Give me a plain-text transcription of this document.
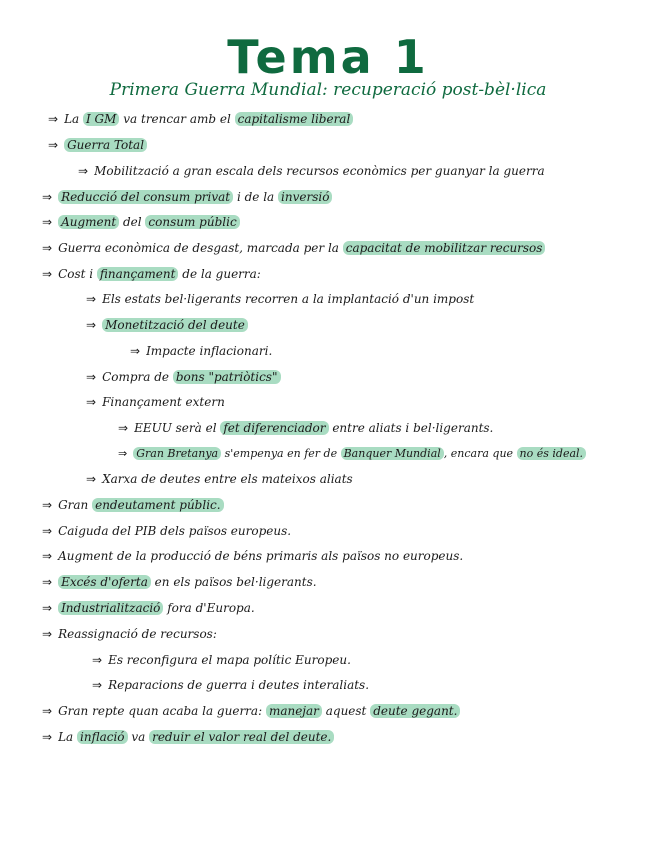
Tema 1
Primera Guerra Mundial: recuperació post-bèl·lica
⇒ La I GM va trencar amb el capitalisme liberal
⇒ Guerra Total
⇒ Mobilització a gran escala dels recursos econòmics per guanyar la guerra
⇒ Reducció del consum privat i de la inversió
⇒ Augment del consum públic
⇒ Guerra econòmica de desgast, marcada per la capacitat de mobilitzar recursos
⇒ Cost i finançament de la guerra:
⇒ Els estats bel·ligerants recorren a la implantació d'un impost
⇒ Monetització del deute
⇒ Impacte inflacionari.
⇒ Compra de bons "patriòtics"
⇒ Finançament extern
⇒ EEUU serà el fet diferenciador entre aliats i bel·ligerants.
⇒ Gran Bretanya s'empenya en fer de Banquer Mundial , encara que no és ideal.
⇒ Xarxa de deutes entre els mateixos aliats
⇒ Gran endeutament públic.
⇒ Caiguda del PIB dels països europeus.
⇒ Augment de la producció de béns primaris als països no europeus.
⇒ Excés d'oferta en els països bel·ligerants.
⇒ Industrialització fora d'Europa.
⇒ Reassignació de recursos:
⇒ Es reconfigura el mapa polític Europeu.
⇒ Reparacions de guerra i deutes interaliats.
⇒ Gran repte quan acaba la guerra: manejar aquest deute gegant.
⇒ La inflació va reduir el valor real del deute.
